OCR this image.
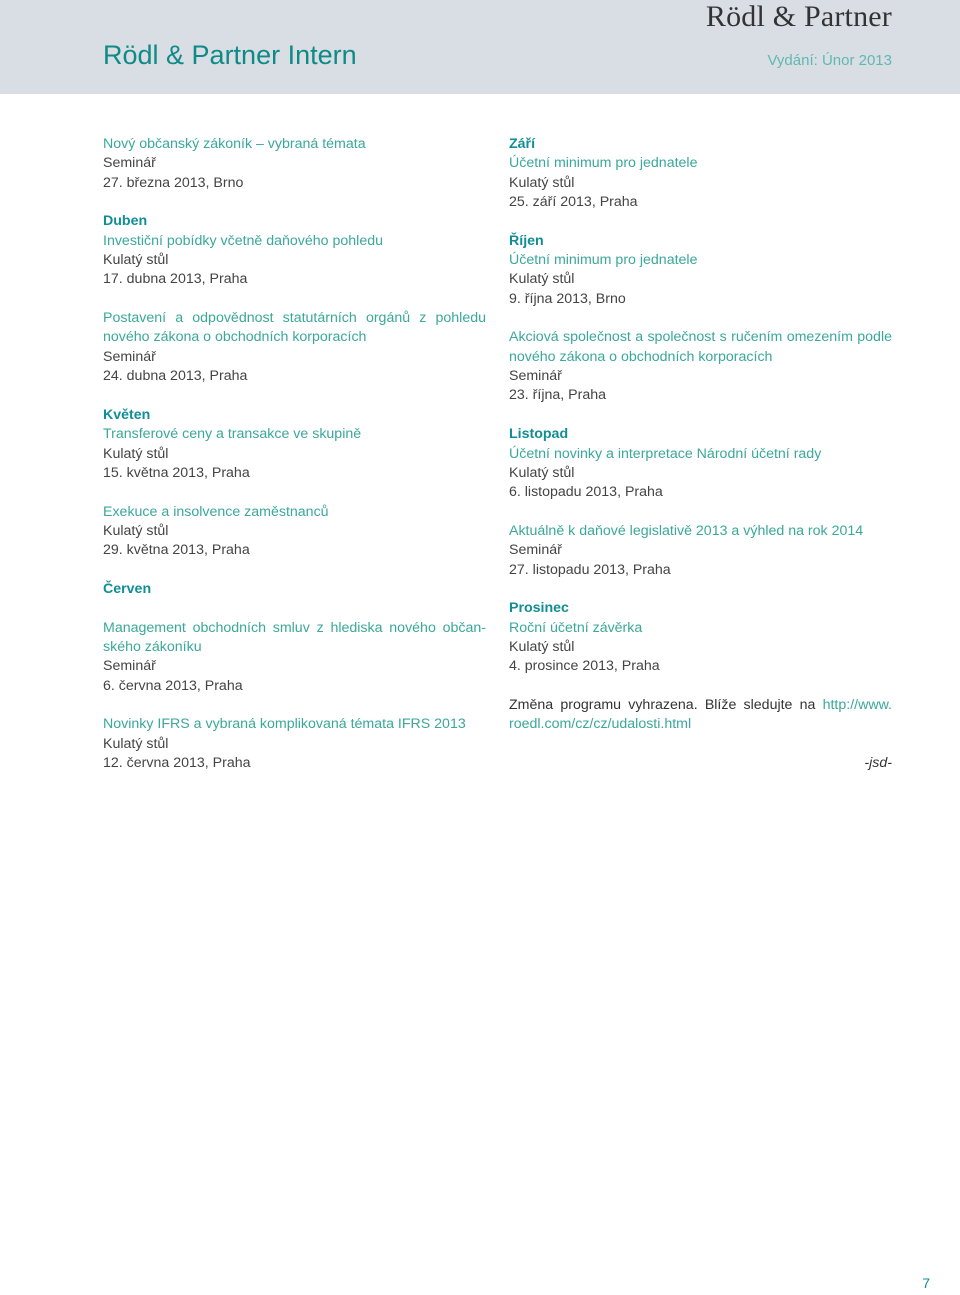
Rödl & Partner
Rödl & Partner Intern	Vydání: Únor 2013
Nový občanský zákoník – vybraná témata
Seminář
27. března 2013, Brno
Duben
Investiční pobídky včetně daňového pohledu
Kulatý stůl
17. dubna 2013, Praha
Postavení a odpovědnost statutárních orgánů z pohledu
nového zákona o obchodních korporacích
Seminář
24. dubna 2013, Praha
Květen
Transferové ceny a transakce ve skupině
Kulatý stůl
15. května 2013, Praha
Exekuce a insolvence zaměstnanců
Kulatý stůl
29. května 2013, Praha
Červen
Management obchodních smluv z hlediska nového občan-
ského zákoníku
Seminář
6. června 2013, Praha
Novinky IFRS a vybraná komplikovaná témata IFRS 2013
Kulatý stůl
12. června 2013, Praha
Září
Účetní minimum pro jednatele
Kulatý stůl
25. září 2013, Praha
Říjen
Účetní minimum pro jednatele
Kulatý stůl
9. října 2013, Brno
Akciová společnost a společnost s ručením omezením podle
nového zákona o obchodních korporacích
Seminář
23. října, Praha
Listopad
Účetní novinky a interpretace Národní účetní rady
Kulatý stůl
6. listopadu 2013, Praha
Aktuálně k daňové legislativě 2013 a výhled na rok 2014
Seminář
27. listopadu 2013, Praha
Prosinec
Roční účetní závěrka
Kulatý stůl
4. prosince 2013, Praha
Změna programu vyhrazena. Blíže sledujte na http://www.
roedl.com/cz/cz/udalosti.html
-jsd-
7
